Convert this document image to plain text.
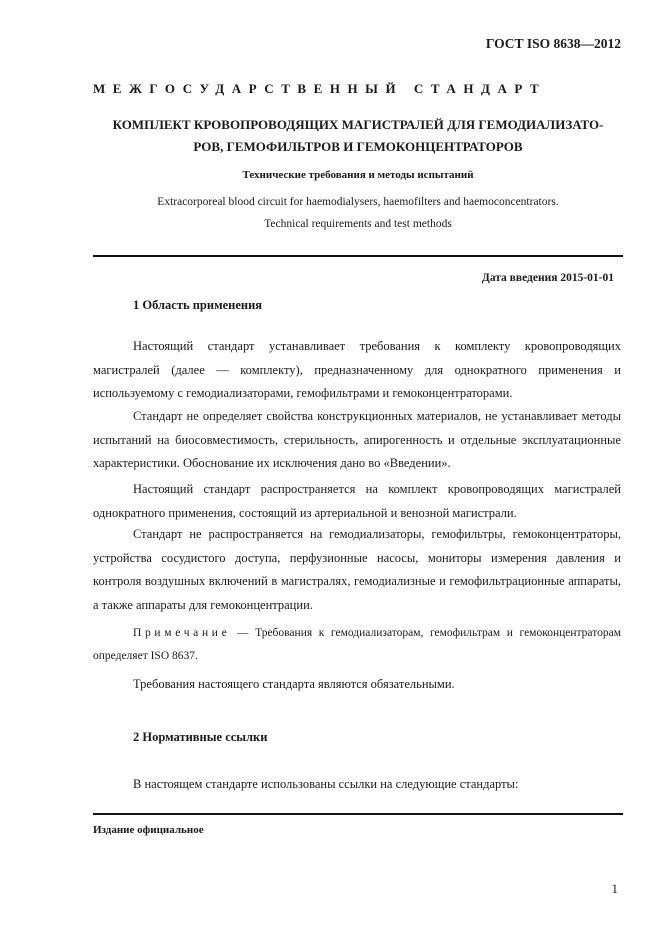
ГОСТ ISO 8638—2012
МЕЖГОСУДАРСТВЕННЫЙ СТАНДАРТ
КОМПЛЕКТ КРОВОПРОВОДЯЩИХ МАГИСТРАЛЕЙ ДЛЯ ГЕМОДИАЛИЗАТО-
РОВ, ГЕМОФИЛЬТРОВ И ГЕМОКОНЦЕНТРАТОРОВ
Технические требования и методы испытаний
Extracorporeal blood circuit for haemodialysers, haemofilters and haemoconcentrators.
Technical requirements and test methods
Дата введения 2015-01-01
1 Область применения

Настоящий стандарт устанавливает требования к комплекту кровопроводящих магистралей (далее — комплекту), предназначенному для однократного применения и используемому с гемодиализаторами, гемофильтрами и гемоконцентраторами.

Стандарт не определяет свойства конструкционных материалов, не устанавливает методы испытаний на биосовместимость, стерильность, апирогенность и отдельные эксплуатационные характеристики. Обоснование их исключения дано во «Введении».

Настоящий стандарт распространяется на комплект кровопроводящих магистралей однократного применения, состоящий из артериальной и венозной магистрали.

Стандарт не распространяется на гемодиализаторы, гемофильтры, гемоконцентраторы, устройства сосудистого доступа, перфузионные насосы, мониторы измерения давления и контроля воздушных включений в магистралях, гемодиализные и гемофильтрационные аппараты, а также аппараты для гемоконцентрации.

Примечание — Требования к гемодиализаторам, гемофильтрам и гемоконцентраторам определяет ISO 8637.

Требования настоящего стандарта являются обязательными.

2 Нормативные ссылки

В настоящем стандарте использованы ссылки на следующие стандарты:

Издание официальное
1
